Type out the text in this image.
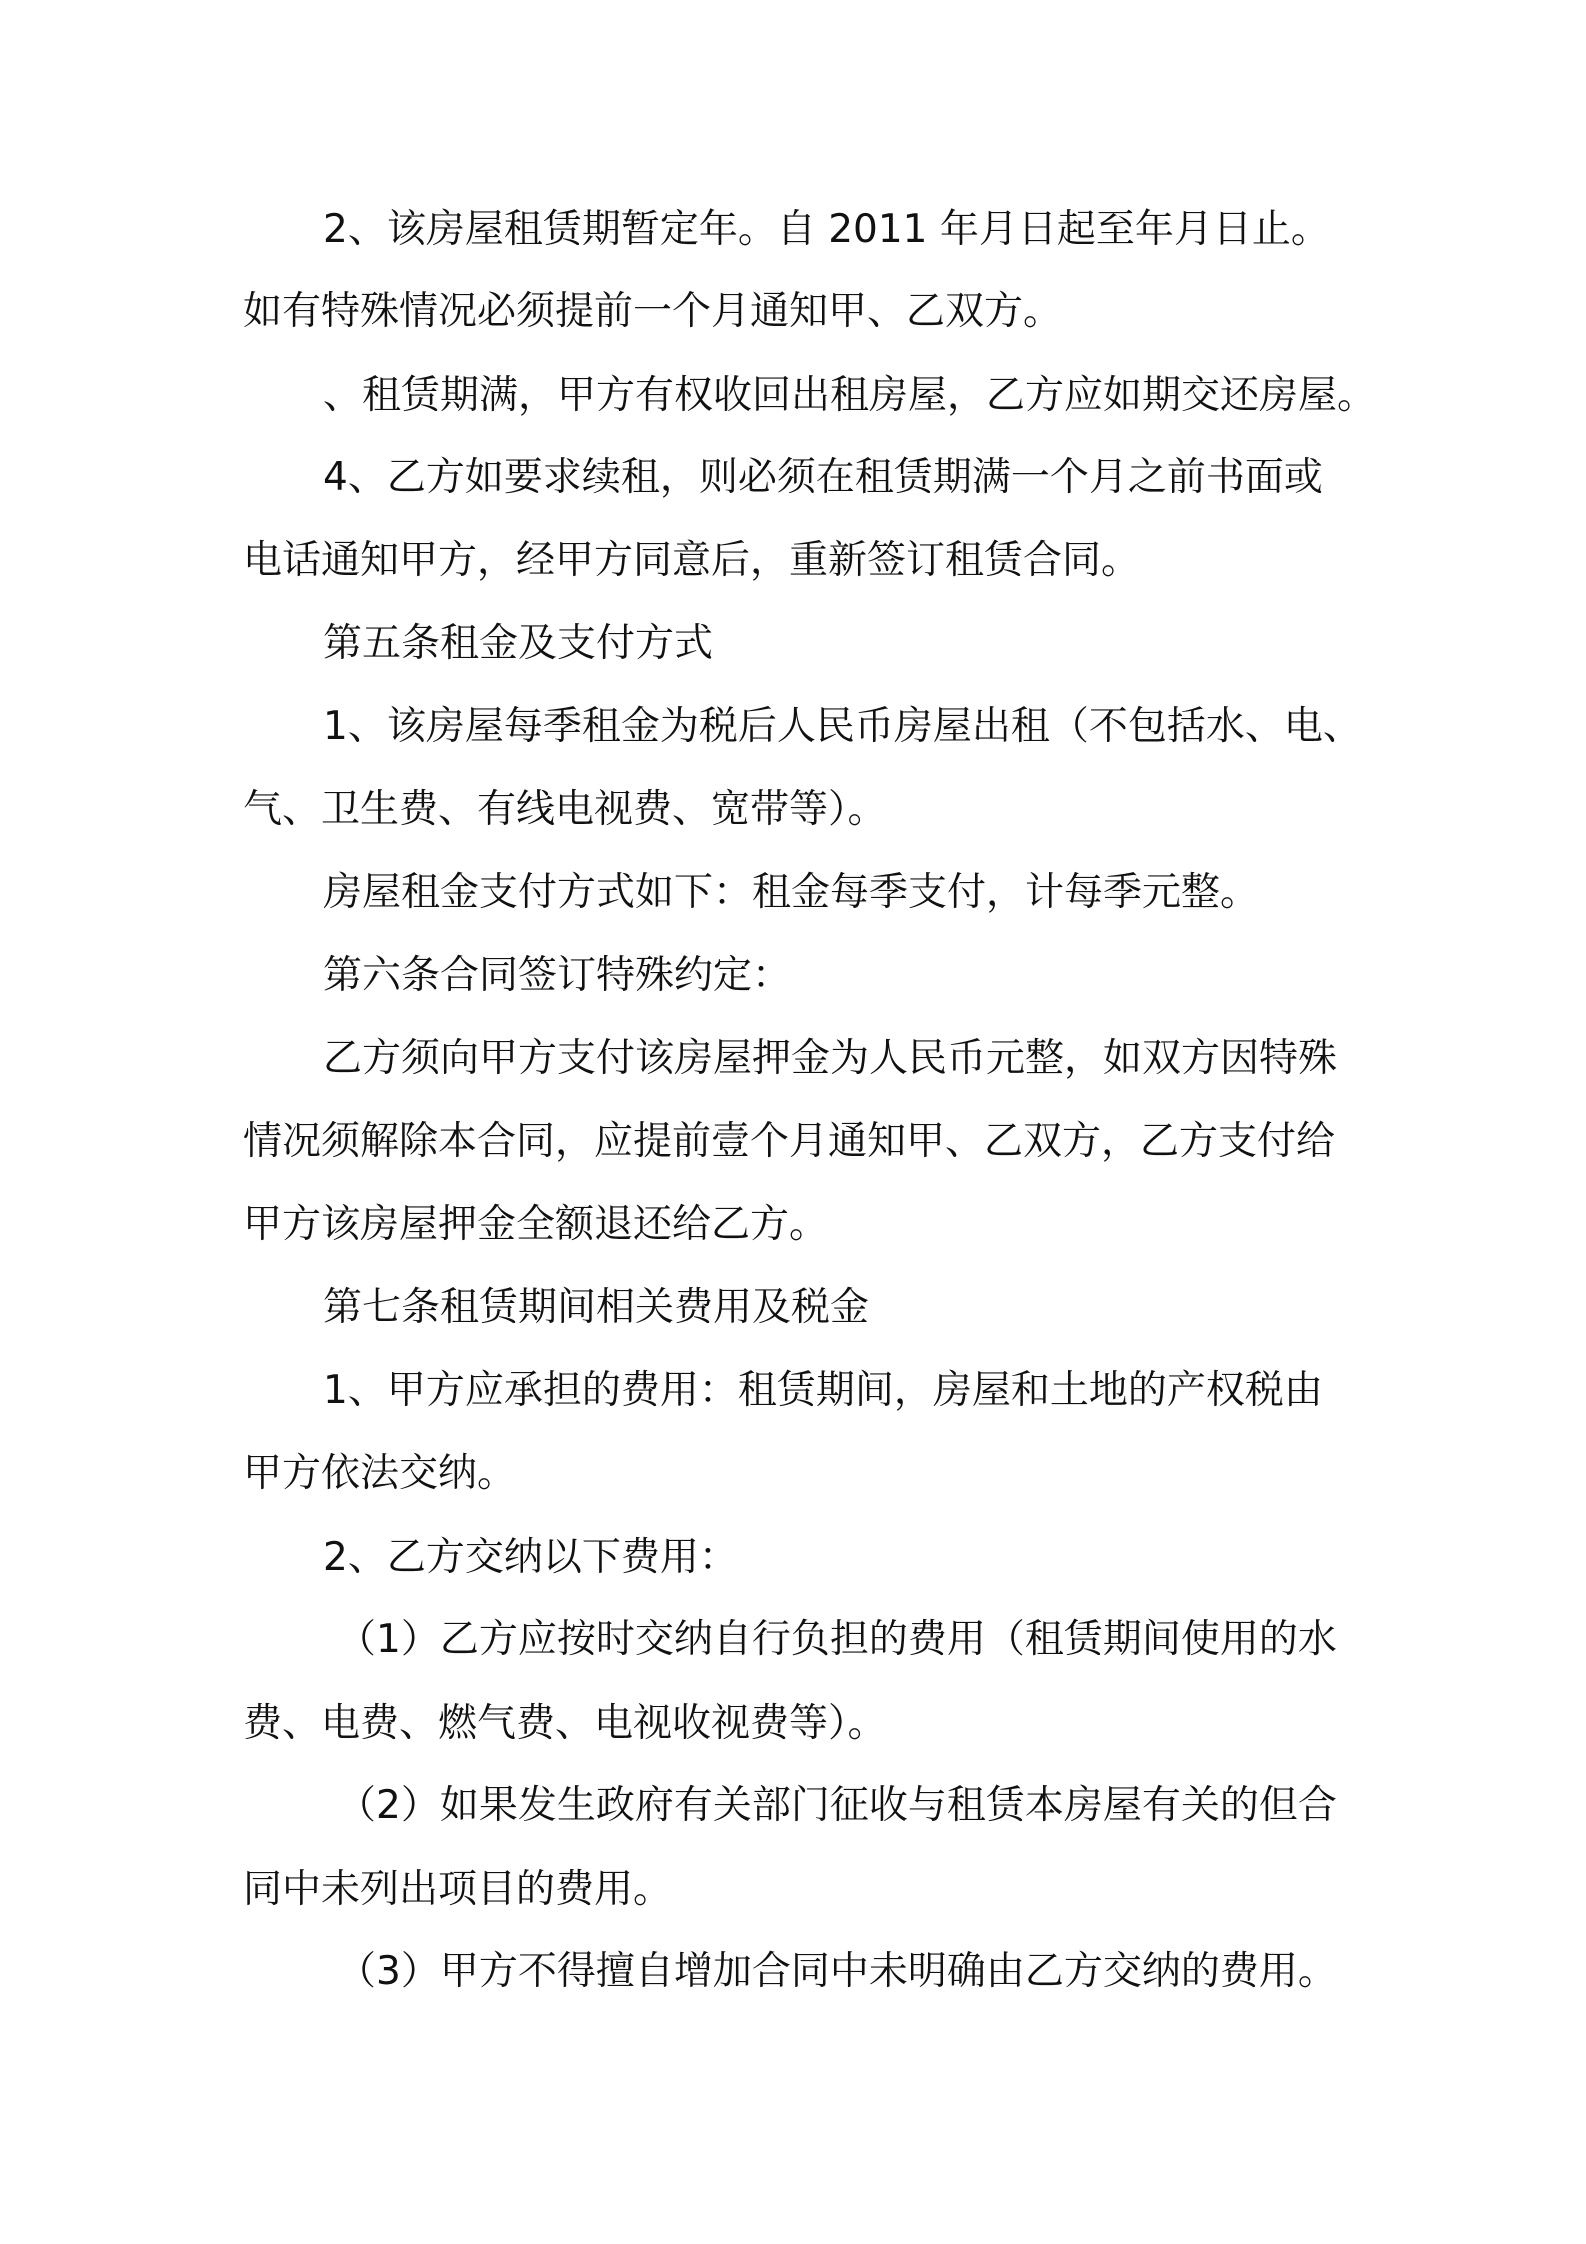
2、该房屋租赁期暂定年。自 2011 年月日起至年月日止。

如有特殊情况必须提前一个月通知甲、乙双方。

、租赁期满，甲方有权收回出租房屋，乙方应如期交还房屋。

4、乙方如要求续租，则必须在租赁期满一个月之前书面或

电话通知甲方，经甲方同意后，重新签订租赁合同。

第五条租金及支付方式

1、该房屋每季租金为税后人民币房屋出租（不包括水、电、

气、卫生费、有线电视费、宽带等）。

房屋租金支付方式如下：租金每季支付，计每季元整。

第六条合同签订特殊约定：

乙方须向甲方支付该房屋押金为人民币元整，如双方因特殊

情况须解除本合同，应提前壹个月通知甲、乙双方，乙方支付给

甲方该房屋押金全额退还给乙方。

第七条租赁期间相关费用及税金

1、甲方应承担的费用：租赁期间，房屋和土地的产权税由

甲方依法交纳。

2、乙方交纳以下费用：

（1）乙方应按时交纳自行负担的费用（租赁期间使用的水

费、电费、燃气费、电视收视费等）。

（2）如果发生政府有关部门征收与租赁本房屋有关的但合

同中未列出项目的费用。

（3）甲方不得擅自增加合同中未明确由乙方交纳的费用。
